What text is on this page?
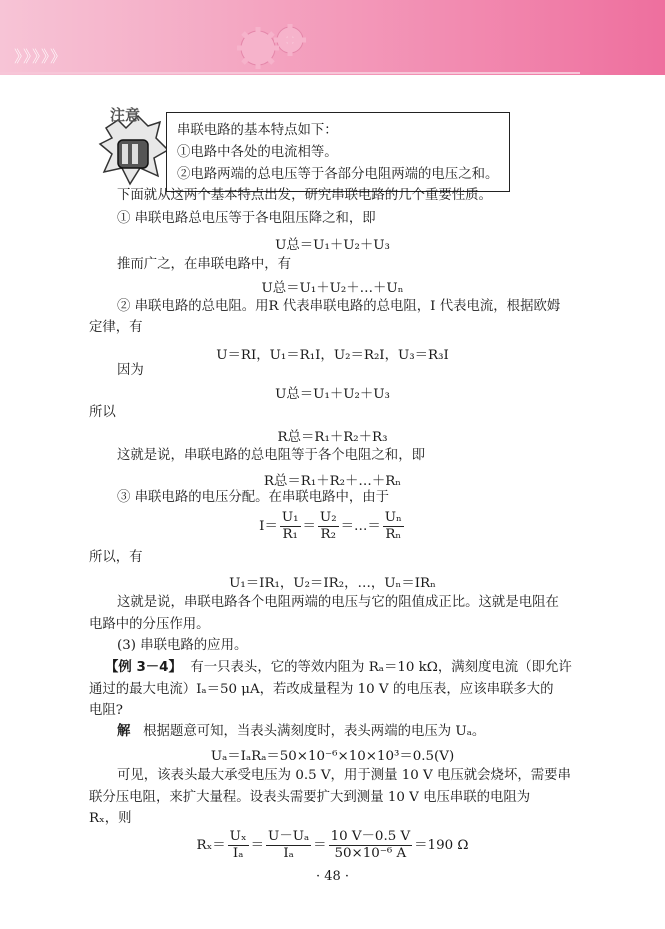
》》》》》
注意
串联电路的基本特点如下：
①电路中各处的电流相等。
②电路两端的总电压等于各部分电阻两端的电压之和。
下面就从这两个基本特点出发，研究串联电路的几个重要性质。
① 串联电路总电压等于各电阻压降之和，即
U总＝U₁＋U₂＋U₃
推而广之，在串联电路中，有
U总＝U₁＋U₂＋…＋Uₙ
② 串联电路的总电阻。用R 代表串联电路的总电阻，I 代表电流，根据欧姆
定律，有
U＝RI，U₁＝R₁I，U₂＝R₂I，U₃＝R₃I
因为
U总＝U₁＋U₂＋U₃
所以
R总＝R₁＋R₂＋R₃
这就是说，串联电路的总电阻等于各个电阻之和，即
R总＝R₁＋R₂＋…＋Rₙ
③ 串联电路的电压分配。在串联电路中，由于
$I= \frac{\text{U₁}}{\text{R₁}} = \frac{\text{U₂}}{\text{R₂}}$ ＝…＝ $\frac{\text{Uₙ}}{\text{Rₙ}}$
所以，有
U₁＝IR₁，U₂＝IR₂，…，Uₙ＝IRₙ
这就是说，串联电路各个电阻两端的电压与它的阻值成正比。这就是电阻在
电路中的分压作用。
(3) 串联电路的应用。
【例 3－4】 有一只表头，它的等效内阻为 Rₐ＝10 kΩ，满刻度电流（即允许
通过的最大电流）Iₐ＝50 μA，若改成量程为 10 V 的电压表，应该串联多大的
电阻?
解 根据题意可知，当表头满刻度时，表头两端的电压为 Uₐ。
Uₐ＝IₐRₐ＝50×10⁻⁶×10×10³＝0.5(V)
可见，该表头最大承受电压为 0.5 V，用于测量 10 V 电压就会烧坏，需要串
联分压电阻，来扩大量程。设表头需要扩大到测量 10 V 电压串联的电阻为
Rₓ，则
$R_x= \frac{\text{Uₓ}}{\text{Iₐ}} = \frac{\text{U－Uₐ}}{\text{Iₐ}} = \frac{10 V-0.5 V}{\text{50×10⁻⁶ A}} =190$ Ω
· 48 ·
